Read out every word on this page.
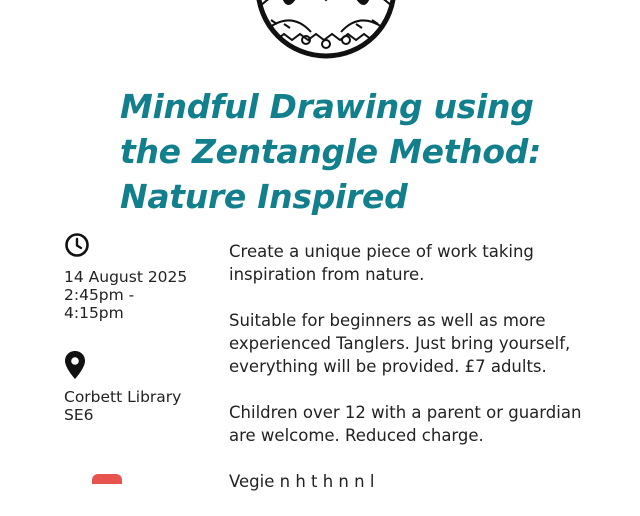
Mindful Drawing using
the Zentangle Method:
Nature Inspired
14 August 2025
2:45pm -
4:15pm
Corbett Library
SE6

Create a unique piece of work taking inspiration from nature.

Suitable for beginners as well as more experienced Tanglers. Just bring yourself, everything will be provided. £7 adults.

Children over 12 with a parent or guardian are welcome. Reduced charge.

Vegie n h t h n n l
